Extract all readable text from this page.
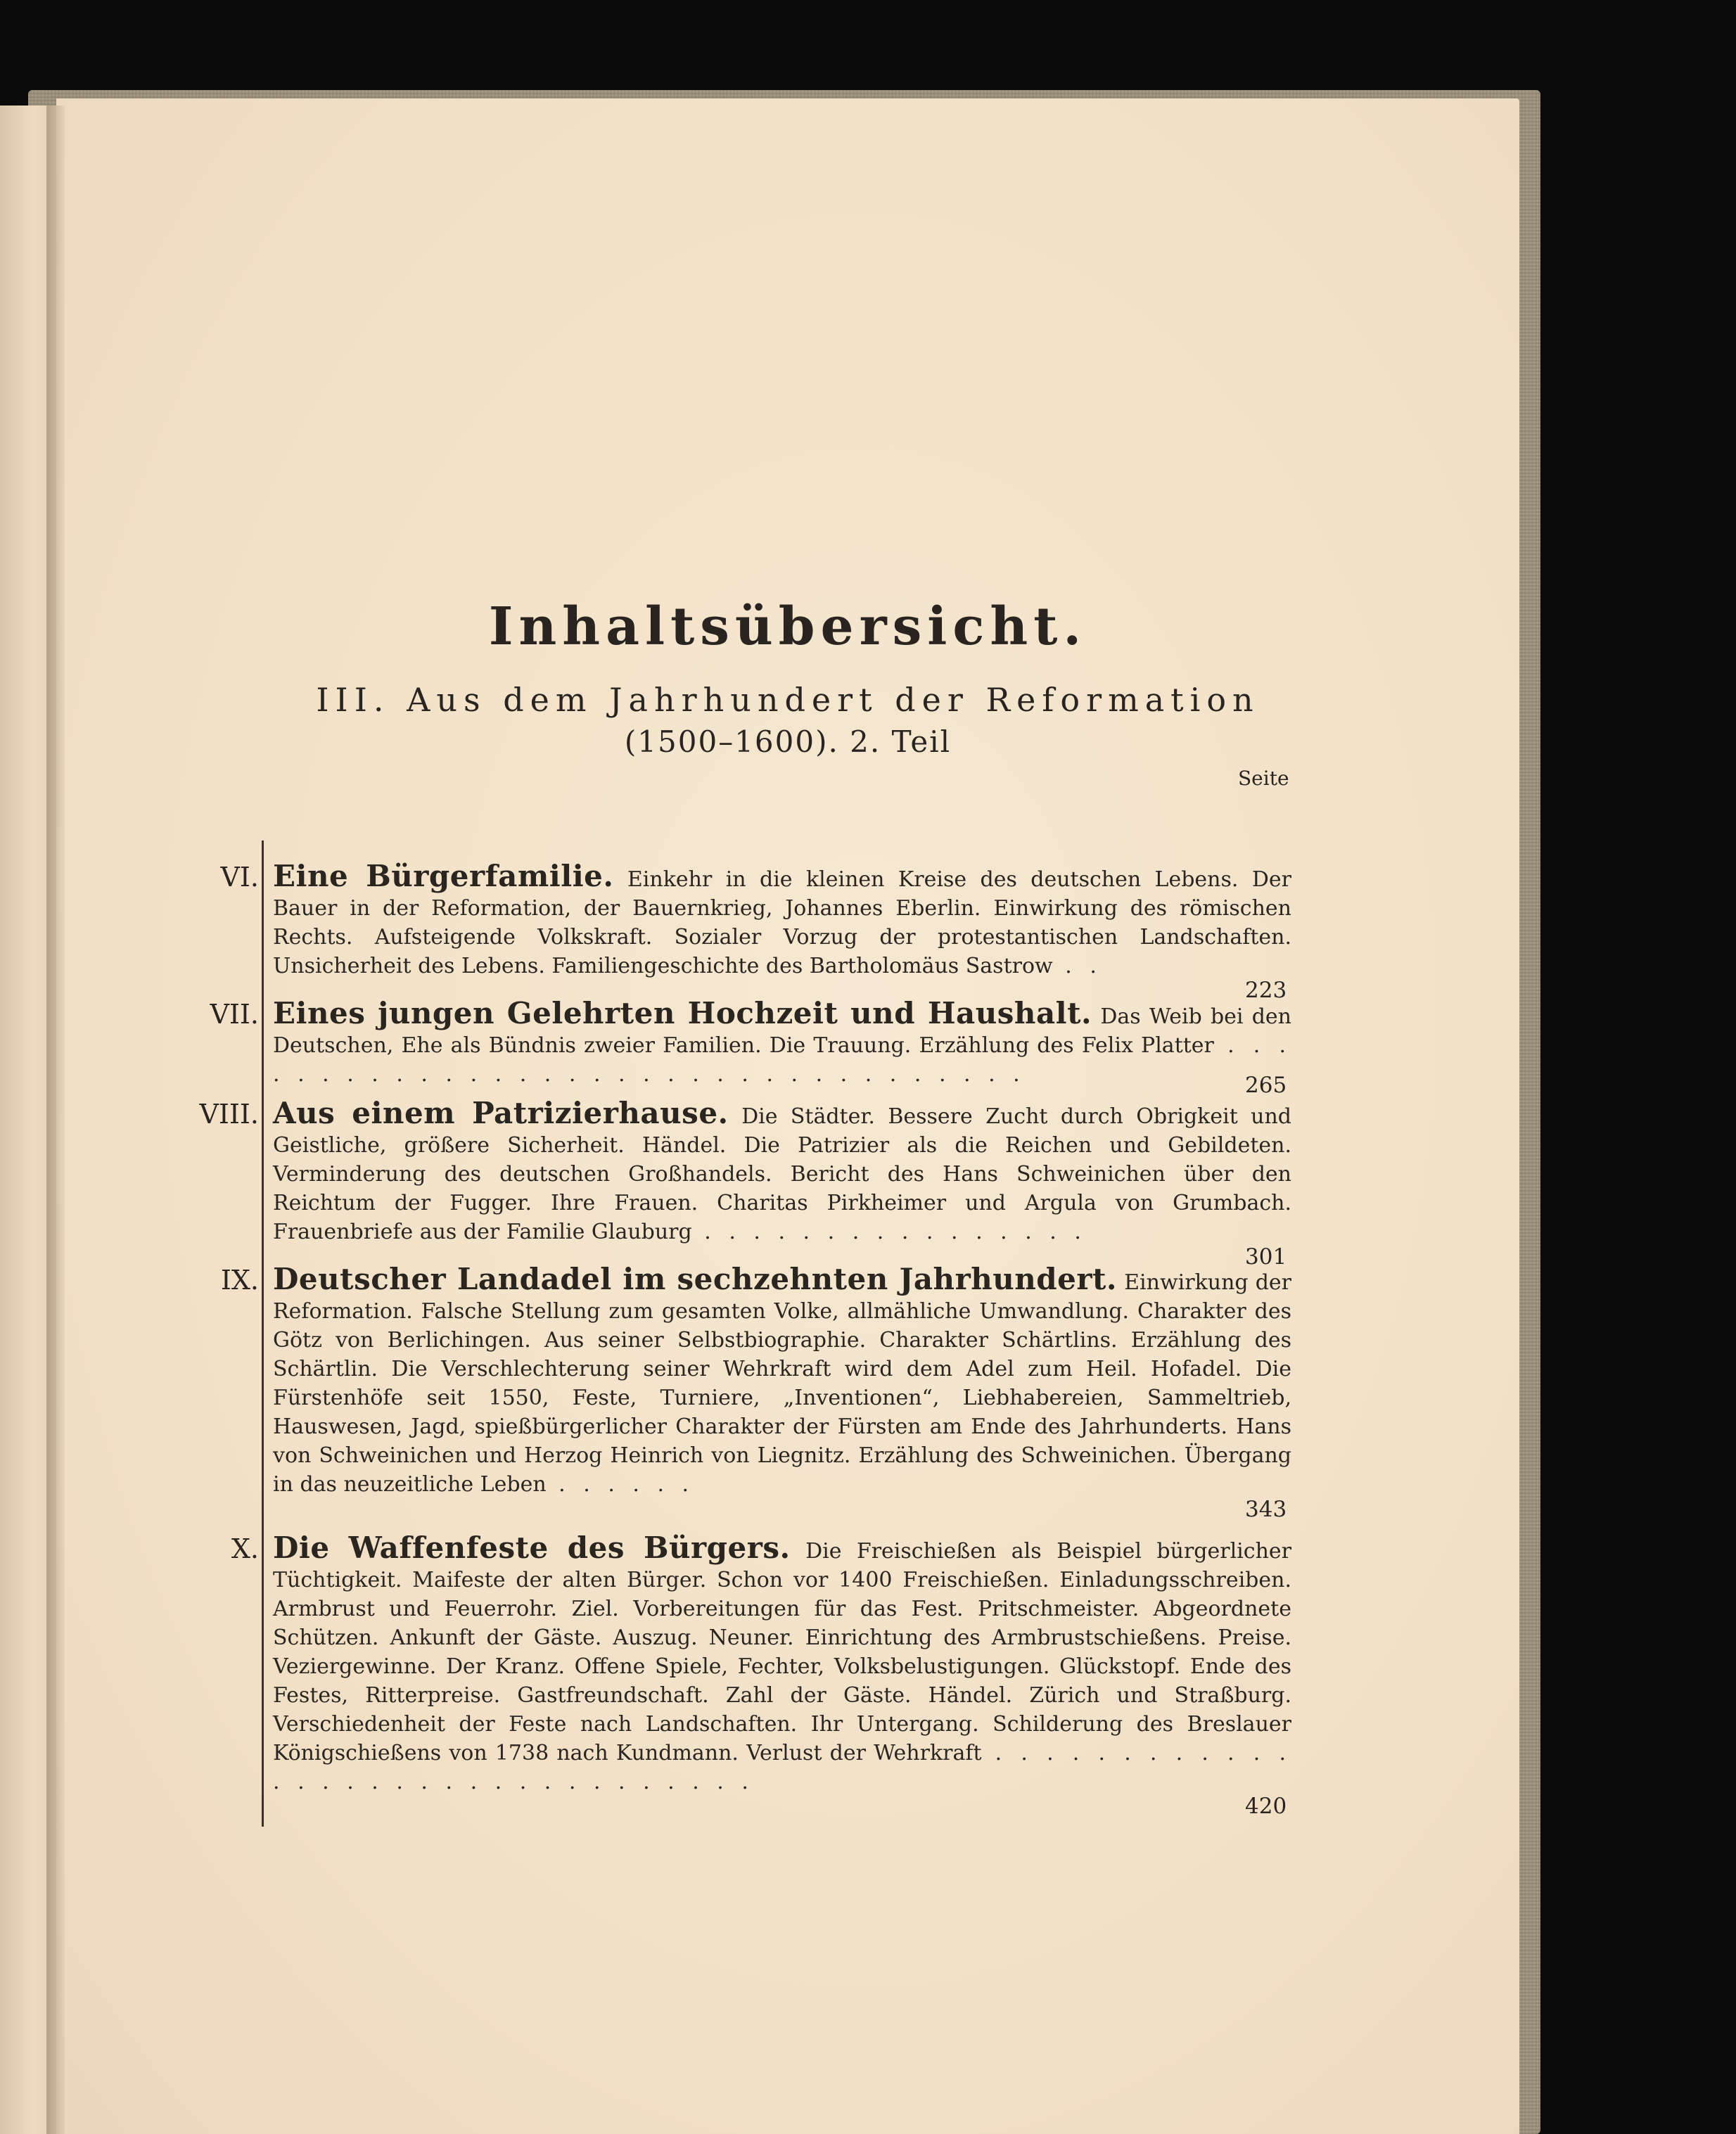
Inhaltsübersicht.
III. Aus dem Jahrhundert der Reformation
(1500–1600). 2. Teil
Seite
VI. Eine Bürgerfamilie. Einkehr in die kleinen Kreise des deutschen Lebens. Der Bauer in der Reformation, der Bauernkrieg, Johannes Eberlin. Einwirkung des römischen Rechts. Aufsteigende Volkskraft. Sozialer Vorzug der protestantischen Landschaften. Unsicherheit des Lebens. Familiengeschichte des Bartholomäus Sastrow . .
223
VII. Eines jungen Gelehrten Hochzeit und Haushalt. Das Weib bei den Deutschen, Ehe als Bündnis zweier Familien. Die Trauung. Erzählung des Felix Platter . . . . . . . . . . . . . . . . . . . . . . . . . . . . . . . . . .	265
VIII. Aus einem Patrizierhause. Die Städter. Bessere Zucht durch Obrigkeit und Geistliche, größere Sicherheit. Händel. Die Patrizier als die Reichen und Gebildeten. Verminderung des deutschen Großhandels. Bericht des Hans Schweinichen über den Reichtum der Fugger. Ihre Frauen. Charitas Pirkheimer und Argula von Grumbach. Frauenbriefe aus der Familie Glauburg . . . . . . . . . . . . . . . .
301
IX. Deutscher Landadel im sechzehnten Jahrhundert. Einwirkung der Reformation. Falsche Stellung zum gesamten Volke, allmähliche Umwandlung. Charakter des Götz von Berlichingen. Aus seiner Selbstbiographie. Charakter Schärtlins. Erzählung des Schärtlin. Die Verschlechterung seiner Wehrkraft wird dem Adel zum Heil. Hofadel. Die Fürstenhöfe seit 1550, Feste, Turniere, „Inventionen“, Liebhabereien, Sammeltrieb, Hauswesen, Jagd, spießbürgerlicher Charakter der Fürsten am Ende des Jahrhunderts. Hans von Schweinichen und Herzog Heinrich von Liegnitz. Erzählung des Schweinichen. Übergang in das neuzeitliche Leben . . . . . .
343
X. Die Waffenfeste des Bürgers. Die Freischießen als Beispiel bürgerlicher Tüchtigkeit. Maifeste der alten Bürger. Schon vor 1400 Freischießen. Einladungsschreiben. Armbrust und Feuerrohr. Ziel. Vorbereitungen für das Fest. Pritschmeister. Abgeordnete Schützen. Ankunft der Gäste. Auszug. Neuner. Einrichtung des Armbrustschießens. Preise. Veziergewinne. Der Kranz. Offene Spiele, Fechter, Volksbelustigungen. Glückstopf. Ende des Festes, Ritterpreise. Gastfreundschaft. Zahl der Gäste. Händel. Zürich und Straßburg. Verschiedenheit der Feste nach Landschaften. Ihr Untergang. Schilderung des Breslauer Königschießens von 1738 nach Kundmann. Verlust der Wehrkraft . . . . . . . . . . . . . . . . . . . . . . . . . . . . . . . .
420
